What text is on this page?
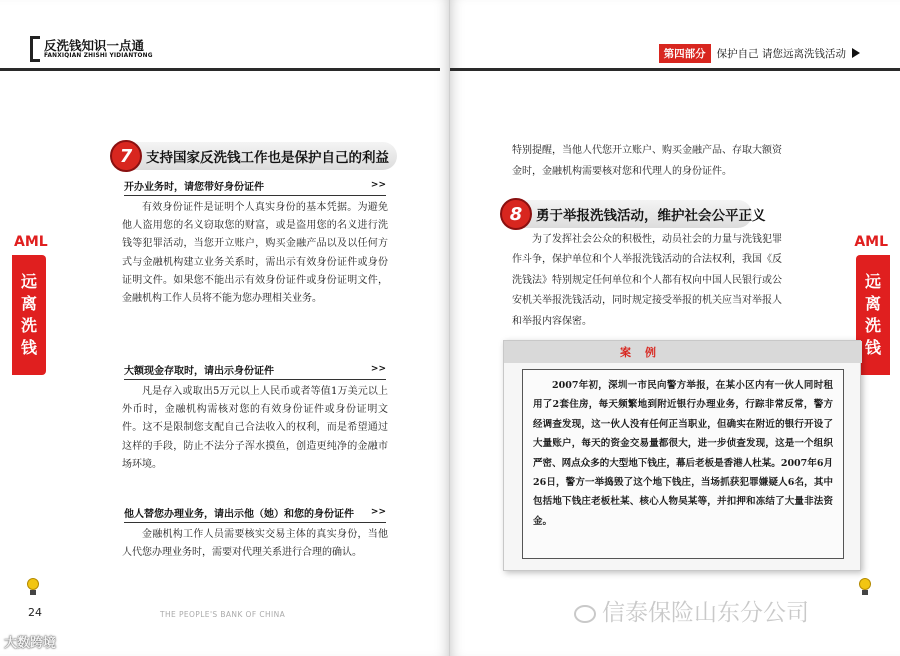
反洗钱知识一点通
FANXIQIAN ZHISHI YIDIANTONG
AML
远
离
洗
钱
7	支持国家反洗钱工作也是保护自己的利益
开办业务时，请您带好身份证件	>>

有效身份证件是证明个人真实身份的基本凭据。为避免他人盗用您的名义窃取您的财富，或是盗用您的名义进行洗钱等犯罪活动，当您开立账户，购买金融产品以及以任何方式与金融机构建立业务关系时，需出示有效身份证件或身份证明文件。如果您不能出示有效身份证件或身份证明文件，金融机构工作人员将不能为您办理相关业务。

大额现金存取时，请出示身份证件	>>

凡是存入或取出5万元以上人民币或者等值1万美元以上外币时，金融机构需核对您的有效身份证件或身份证明文件。这不是限制您支配自己合法收入的权利，而是希望通过这样的手段，防止不法分子浑水摸鱼，创造更纯净的金融市场环境。

他人替您办理业务，请出示他（她）和您的身份证件 >>

金融机构工作人员需要核实交易主体的真实身份，当他人代您办理业务时，需要对代理关系进行合理的确认。

24	THE PEOPLE'S BANK OF CHINA
第四部分	保护自己 请您远离洗钱活动
AML
远
离
洗
钱

特别提醒，当他人代您开立账户、购买金融产品、存取大额资金时，金融机构需要核对您和代理人的身份证件。

8	勇于举报洗钱活动，维护社会公平正义

为了发挥社会公众的积极性，动员社会的力量与洗钱犯罪作斗争，保护单位和个人举报洗钱活动的合法权利，我国《反洗钱法》特别规定任何单位和个人都有权向中国人民银行或公安机关举报洗钱活动，同时规定接受举报的机关应当对举报人和举报内容保密。

案例

2007年初，深圳一市民向警方举报，在某小区内有一伙人同时租用了2套住房，每天频繁地到附近银行办理业务，行踪非常反常，警方经调查发现，这一伙人没有任何正当职业，但确实在附近的银行开设了大量账户，每天的资金交易量都很大，进一步侦查发现，这是一个组织严密、网点众多的大型地下钱庄，幕后老板是香港人杜某。2007年6月26日，警方一举捣毁了这个地下钱庄，当场抓获犯罪嫌疑人6名，其中包括地下钱庄老板杜某、核心人物吴某等，并扣押和冻结了大量非法资金。

大数跨境
信泰保险山东分公司
